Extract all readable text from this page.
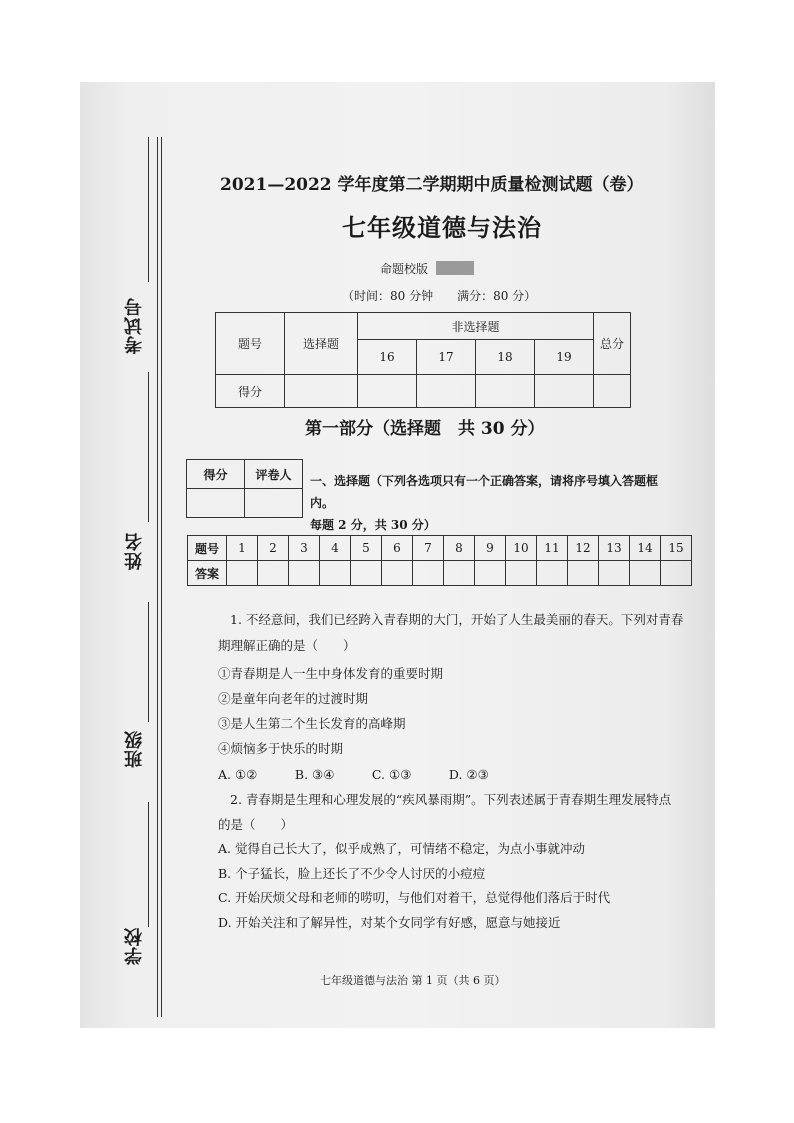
考试号
姓名
班级
学校
2021—2022 学年度第二学期期中质量检测试题（卷）
七年级道德与法治
命题校版
（时间：80 分钟　　满分：80 分）
题号	选择题	非选择题				总分
		16	17	18	19	
得分						
第一部分（选择题　共 30 分）
得分	评卷人
	一、选择题（下列各选项只有一个正确答案，请将序号填入答题框内。
每题 2 分，共 30 分）
题号	1	2	3	4	5	6	7	8	9	10	11	12	13	14	15
答案															
1. 不经意间，我们已经跨入青春期的大门，开始了人生最美丽的春天。下列对青春
期理解正确的是（　　）
①青春期是人一生中身体发育的重要时期
②是童年向老年的过渡时期
③是人生第二个生长发育的高峰期
④烦恼多于快乐的时期
A. ①②　　　B. ③④　　　C. ①③　　　D. ②③
2. 青春期是生理和心理发展的“疾风暴雨期”。下列表述属于青春期生理发展特点
的是（　　）
A. 觉得自己长大了，似乎成熟了，可情绪不稳定，为点小事就冲动
B. 个子猛长，脸上还长了不少令人讨厌的小痘痘
C. 开始厌烦父母和老师的唠叨，与他们对着干，总觉得他们落后于时代
D. 开始关注和了解异性，对某个女同学有好感，愿意与她接近
七年级道德与法治 第 1 页（共 6 页）
